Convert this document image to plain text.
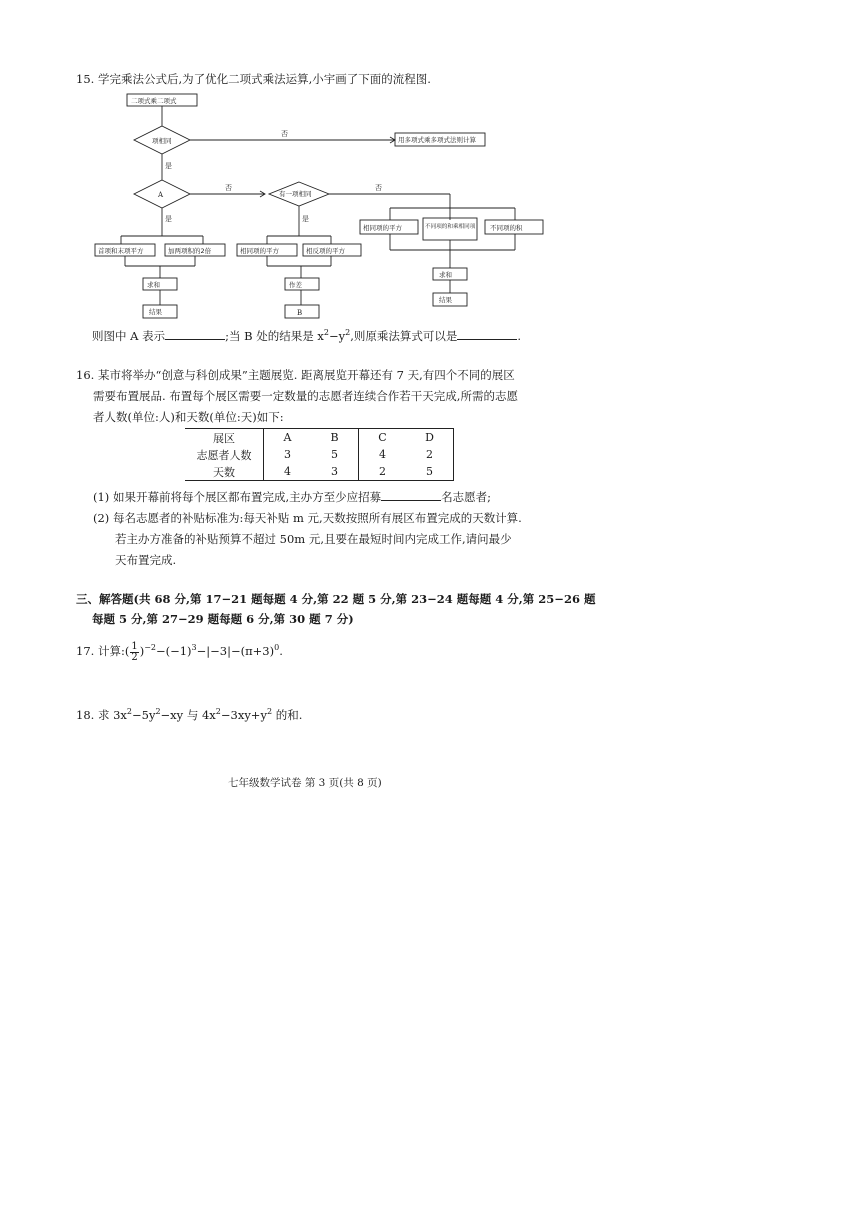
15. 学完乘法公式后,为了优化二项式乘法运算,小宇画了下面的流程图.
二项式乘二项式
项相同
否
用多项式乘多项式法则计算
是
A
否
有一项相同
否
是	是
首项和末项平方	加两项积的2倍	相同项的平方	相反项的平方
求和	作差
结果	B
相同项的平方	不同项的和乘相同项 不同项的积
求和
结果
则图中 A 表示	;当 B 处的结果是 $x^2-y^2$,则原乘法算式可以是	.
16. 某市将举办“创意与科创成果”主题展览. 距离展览开幕还有 7 天,有四个不同的展区
需要布置展品. 布置每个展区需要一定数量的志愿者连续合作若干天完成,所需的志愿
者人数(单位:人)和天数(单位:天)如下:
展区	A	B	C	D
志愿者人数	3	5	4	2
天数	4	3	2	5
(1) 如果开幕前将每个展区都布置完成,主办方至少应招募	名志愿者;
(2) 每名志愿者的补贴标准为:每天补贴 m 元,天数按照所有展区布置完成的天数计算.
若主办方准备的补贴预算不超过 50m 元,且要在最短时间内完成工作,请问最少
天布置完成.
三、解答题(共 68 分,第 17−21 题每题 4 分,第 22 题 5 分,第 23−24 题每题 4 分,第 25−26 题
每题 5 分,第 27−29 题每题 6 分,第 30 题 7 分)
17. 计算:( $\frac{1}{2} )^{-2}-(-1)^3-|-3|-(\pi+3)^0$.
18. 求 $3x^2-5y^2-xy$ 与 $4x^2-3xy+y^2$ 的和.
七年级数学试卷 第 3 页(共 8 页)
